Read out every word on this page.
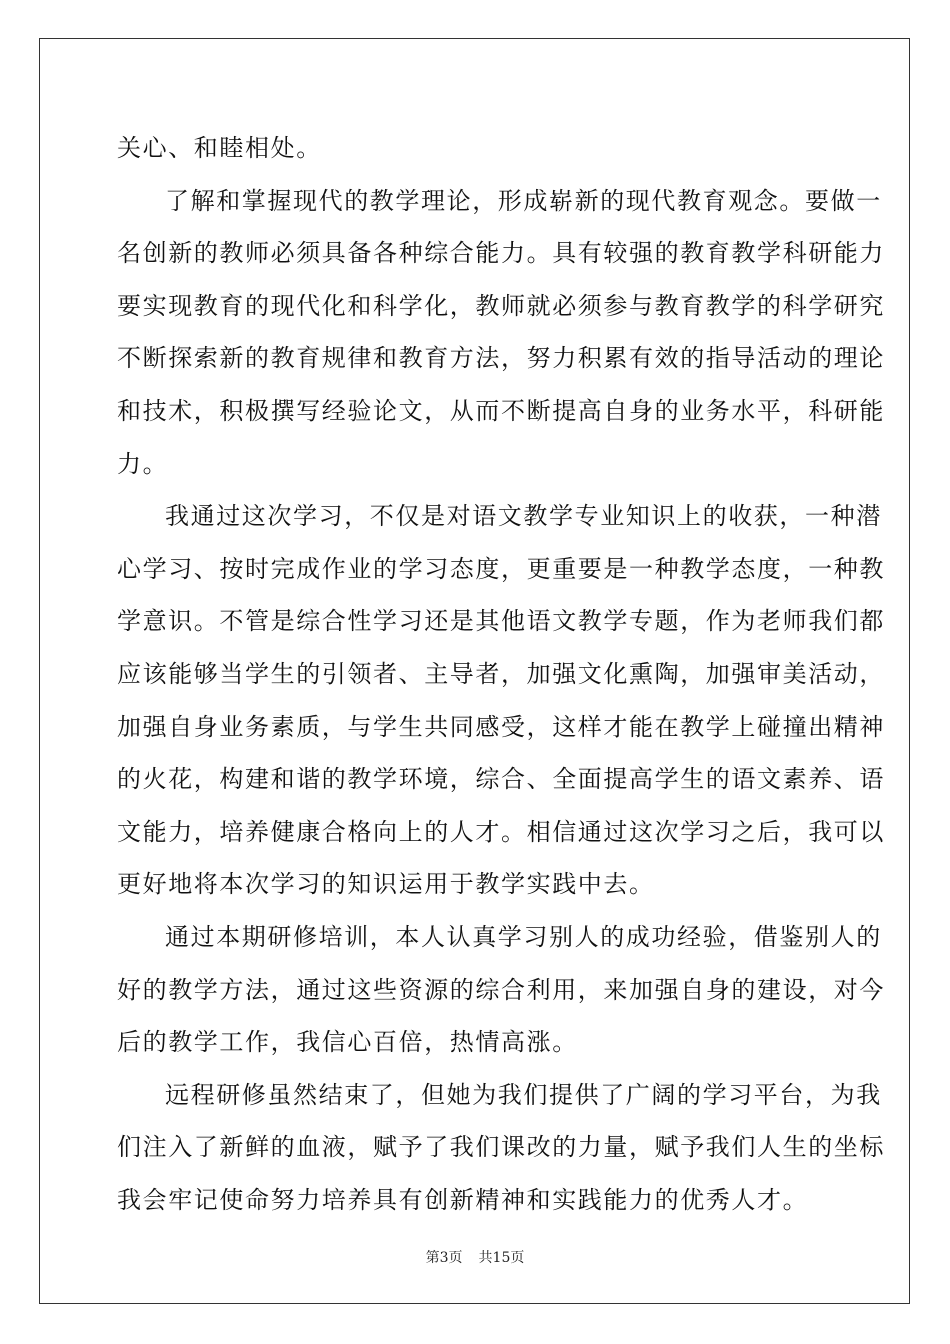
关心、和睦相处。
了解和掌握现代的教学理论，形成崭新的现代教育观念。要做一
名创新的教师必须具备各种综合能力。具有较强的教育教学科研能力
要实现教育的现代化和科学化，教师就必须参与教育教学的科学研究
不断探索新的教育规律和教育方法，努力积累有效的指导活动的理论
和技术，积极撰写经验论文，从而不断提高自身的业务水平，科研能
力。
我通过这次学习，不仅是对语文教学专业知识上的收获，一种潜
心学习、按时完成作业的学习态度，更重要是一种教学态度，一种教
学意识。不管是综合性学习还是其他语文教学专题，作为老师我们都
应该能够当学生的引领者、主导者，加强文化熏陶，加强审美活动，
加强自身业务素质，与学生共同感受，这样才能在教学上碰撞出精神
的火花，构建和谐的教学环境，综合、全面提高学生的语文素养、语
文能力，培养健康合格向上的人才。相信通过这次学习之后，我可以
更好地将本次学习的知识运用于教学实践中去。
通过本期研修培训，本人认真学习别人的成功经验，借鉴别人的
好的教学方法，通过这些资源的综合利用，来加强自身的建设，对今
后的教学工作，我信心百倍，热情高涨。
远程研修虽然结束了，但她为我们提供了广阔的学习平台，为我
们注入了新鲜的血液，赋予了我们课改的力量，赋予我们人生的坐标
我会牢记使命努力培养具有创新精神和实践能力的优秀人才。
第3页 共15页
